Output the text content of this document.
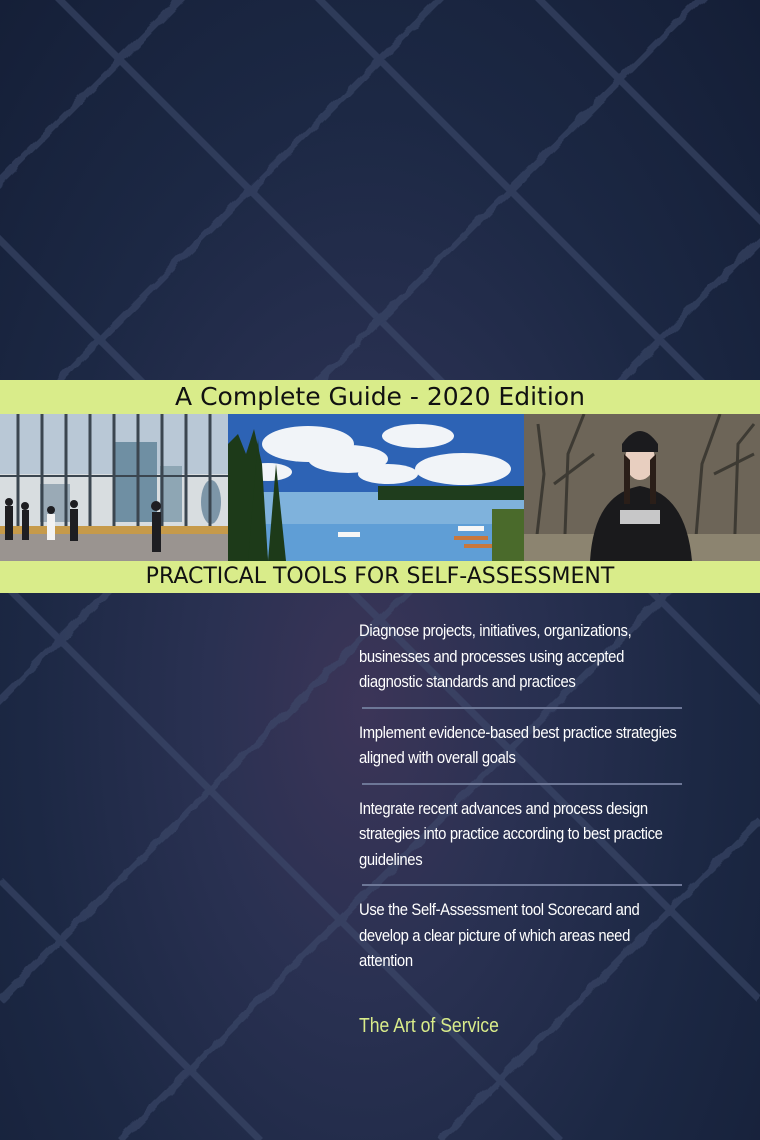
A Complete Guide - 2020 Edition
PRACTICAL TOOLS FOR SELF-ASSESSMENT
Diagnose projects, initiatives, organizations, businesses and processes using accepted diagnostic standards and practices
Implement evidence-based best practice strategies aligned with overall goals
Integrate recent advances and process design strategies into practice according to best practice guidelines
Use the Self-Assessment tool Scorecard and develop a clear picture of which areas need attention
The Art of Service
